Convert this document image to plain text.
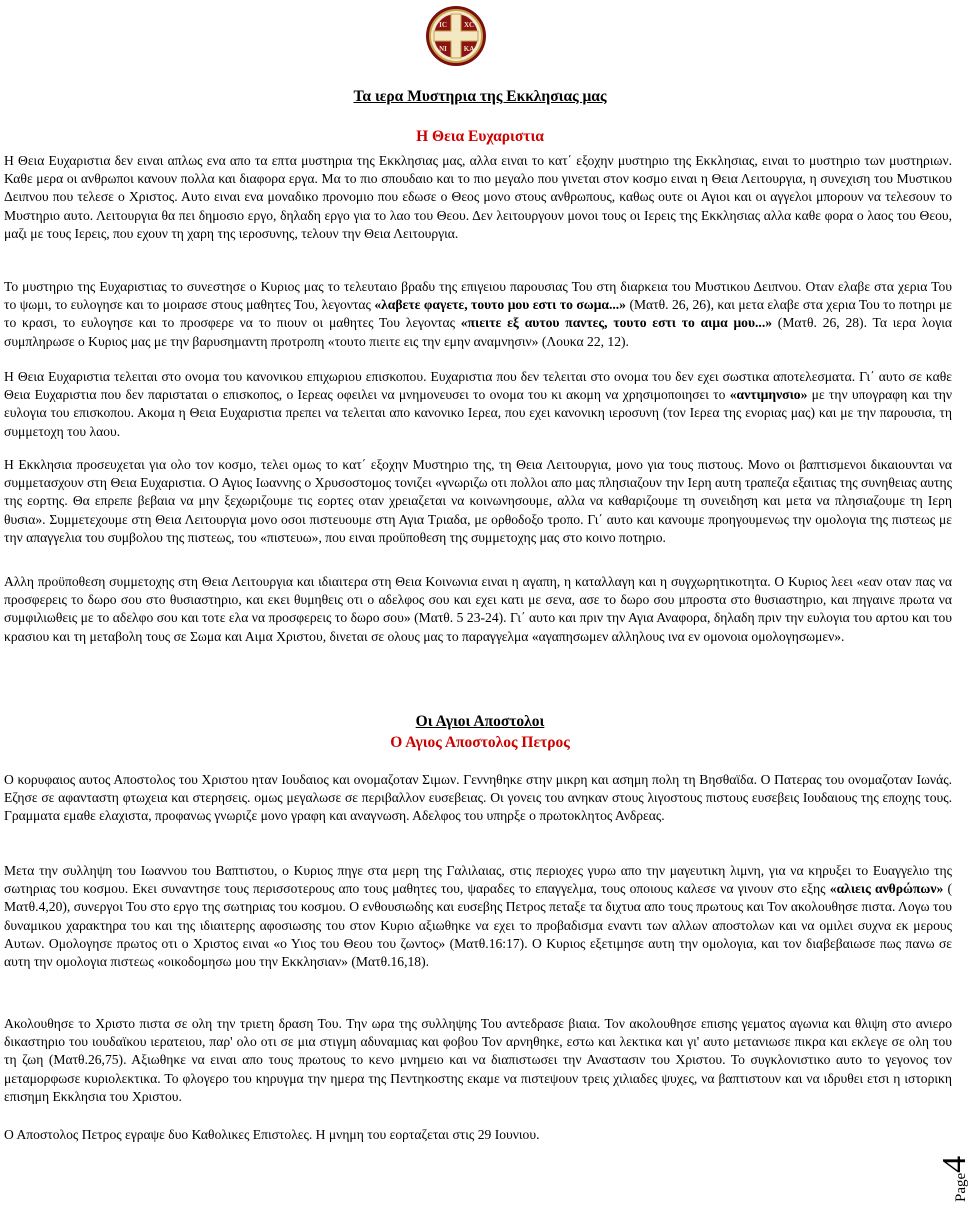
IC XC
NI KA
Τα ιερα Μυστηρια της Εκκλησιας μας
Η Θεια Ευχαριστια

Η Θεια Ευχαριστια δεν ειναι απλως ενα απο τα επτα μυστηρια της Εκκλησιας μας, αλλα ειναι το κατ΄ εξοχην μυστηριο της Εκκλησιας, ειναι το μυστηριο των μυστηριων. Καθε μερα οι ανθρωποι κανουν πολλα και διαφορα εργα. Μα το πιο σπουδαιο και το πιο μεγαλο που γινεται στον κοσμο ειναι η Θεια Λειτουργια, η συνεχιση του Μυστικου Δειπνου που τελεσε ο Χριστος. Αυτο ειναι ενα μοναδικο προνομιο που εδωσε ο Θεος μονο στους ανθρωπους, καθως ουτε οι Αγιοι και οι αγγελοι μπορουν να τελεσουν το Μυστηριο αυτο. Λειτουργια θα πει δημοσιο εργο, δηλαδη εργο για το λαο του Θεου. Δεν λειτουργουν μονοι τους οι Ιερεις της Εκκλησιας αλλα καθε φορα ο λαος του Θεου, μαζι με τους Ιερεις, που εχουν τη χαρη της ιεροσυνης, τελουν την Θεια Λειτουργια.

Το μυστηριο της Ευχαριστιας το συνεστησε ο Κυριος μας το τελευταιο βραδυ της επιγειου παρουσιας Του στη διαρκεια του Μυστικου Δειπνου. Οταν ελαβε στα χερια Του το ψωμι, το ευλογησε και το μοιρασε στους μαθητες Του, λεγοντας «λαβετε φαγετε, τουτο μου εστι το σωμα...» (Ματθ. 26, 26), και μετα ελαβε στα χερια Του το ποτηρι με το κρασι, το ευλογησε και το προσφερε να το πιουν οι μαθητες Του λεγοντας «πιειτε εξ αυτου παντες, τουτο εστι το αιμα μου...» (Ματθ. 26, 28). Τα ιερα λογια συμπληρωσε ο Κυριος μας με την βαρυσημαντη προτροπη «τουτο πιειτε εις την εμην αναμνησιν» (Λουκα 22, 12).

Η Θεια Ευχαριστια τελειται στο ονομα του κανονικου επιχωριου επισκοπου. Ευχαριστια που δεν τελειται στο ονομα του δεν εχει σωστικα αποτελεσματα. Γι΄ αυτο σε καθε Θεια Ευχαριστια που δεν παριστaται ο επισκοπος, ο Ιερεας οφειλει να μνημονευσει το ονομα του κι ακομη να χρησιμοποιησει το «αντιμηνσιο» με την υπογραφη και την ευλογια του επισκοπου. Ακομα η Θεια Ευχαριστια πρεπει να τελειται απο κανονικο Ιερεα, που εχει κανονικη ιεροσυνη (τον Ιερεα της ενοριας μας) και με την παρουσια, τη συμμετοχη του λαου.

Η Εκκλησια προσευχεται για ολο τον κοσμο, τελει ομως το κατ΄ εξοχην Μυστηριο της, τη Θεια Λειτουργια, μονο για τους πιστους. Μονο οι βαπτισμενοι δικαιουνται να συμμετασχουν στη Θεια Ευχαριστια. Ο Αγιος Ιωαννης ο Χρυσοστομος τονιζει «γνωριζω οτι πολλοι απο μας πλησιαζουν την Ιερη αυτη τραπεζα εξαιτιας της συνηθειας αυτης της εορτης. Θα επρεπε βεβαια να μην ξεχωριζουμε τις εορτες οταν χρειαζεται να κοινωνησουμε, αλλα να καθαριζουμε τη συνειδηση και μετα να πλησιαζουμε τη Ιερη θυσια». Συμμετεχουμε στη Θεια Λειτουργια μονο οσοι πιστευουμε στη Αγια Τριαδα, με ορθοδοξο τροπο. Γι΄ αυτο και κανουμε προηγουμενως την ομολογια της πιστεως με την απαγγελια του συμβολου της πιστεως, του «πιστευω», που ειναι προϋποθεση της συμμετοχης μας στο κοινο ποτηριο.

Αλλη προϋποθεση συμμετοχης στη Θεια Λειτουργια και ιδιαιτερα στη Θεια Κοινωνια ειναι η αγαπη, η καταλλαγη και η συγχωρητικοτητα. Ο Κυριος λεει «εαν οταν πας να προσφερεις το δωρο σου στο θυσιαστηριο, και εκει θυμηθεις οτι ο αδελφος σου και εχει κατι με σενα, ασε το δωρο σου μπροστα στο θυσιαστηριο, και πηγαινε πρωτα να συμφιλιωθεις με το αδελφο σου και τοτε ελα να προσφερεις το δωρο σου» (Ματθ. 5 23-24). Γι΄ αυτο και πριν την Αγια Αναφορα, δηλαδη πριν την ευλογια του αρτου και του κρασιου και τη μεταβολη τους σε Σωμα και Αιμα Χριστου, δινεται σε ολους μας το παραγγελμα «αγαπησωμεν αλληλους ινα εν ομονοια ομολογησωμεν».

Οι Αγιοι Αποστολοι
Ο Αγιος Αποστολος Πετρος

Ο κορυφαιος αυτος Αποστολος του Χριστου ηταν Ιουδαιος και ονομαζοταν Σιμων. Γεννηθηκε στην μικρη και ασημη πολη τη Βησθαϊδα. Ο Πατερας του ονομαζοταν Ιωνάς. Εζησε σε αφανταστη φτωχεια και στερησεις. ομως μεγαλωσε σε περιβαλλον ευσεβειας. Οι γονεις του ανηκαν στους λιγοστους πιστους ευσεβεις Ιουδαιους της εποχης τους. Γραμματα εμαθε ελαχιστα, προφανως γνωριζε μονο γραφη και αναγνωση. Αδελφος του υπηρξε ο πρωτοκλητος Ανδρεας.

Μετα την συλληψη του Ιωαννου του Βαπτιστου, ο Κυριος πηγε στα μερη της Γαλιλαιας, στις περιοχες γυρω απο την μαγευτικη λιμνη, για να κηρυξει το Ευαγγελιο της σωτηριας του κοσμου. Εκει συναντησε τους περισσοτερους απο τους μαθητες του, ψαραδες το επαγγελμα, τους οποιους καλεσε να γινουν στο εξης «αλιεις ανθρώπων» ( Ματθ.4,20), συνεργοι Του στο εργο της σωτηριας του κοσμου. Ο ενθουσιωδης και ευσεβης Πετρος πεταξε τα διχτυα απο τους πρωτους και Τον ακολουθησε πιστα. Λογω του δυναμικου χαρακτηρα του και της ιδιαιτερης αφοσιωσης του στον Κυριο αξιωθηκε να εχει το προβαδισμα εναντι των αλλων αποστολων και να ομιλει συχνα εκ μερους Αυτων. Ομολογησε πρωτος οτι ο Χριστος ειναι «ο Υιος του Θεου του ζωντος» (Ματθ.16:17). Ο Κυριος εξετιμησε αυτη την ομολογια, και τον διαβεβαιωσε πως πανω σε αυτη την ομολογια πιστεως «οικοδομησω μου την Εκκλησιαν» (Ματθ.16,18).

Ακολουθησε το Χριστο πιστα σε ολη την τριετη δραση Του. Την ωρα της συλληψης Του αντεδρασε βιαια. Τον ακολουθησε επισης γεματος αγωνια και θλιψη στο ανιερο δικαστηριο του ιουδαϊκου ιερατειου, παρ' ολο οτι σε μια στιγμη αδυναμιας και φοβου Τον αρνηθηκε, εστω και λεκτικα και γι' αυτο μετανιωσε πικρα και εκλεγε σε ολη του τη ζωη (Ματθ.26,75). Αξιωθηκε να ειναι απο τους πρωτους το κενο μνημειο και να διαπιστωσει την Αναστασιν του Χριστου. Το συγκλονιστικο αυτο το γεγονος τον μεταμορφωσε κυριολεκτικα. Το φλογερο του κηρυγμα την ημερα της Πεντηκοστης εκαμε να πιστεψουν τρεις χιλιαδες ψυχες, να βαπτιστουν και να ιδρυθει ετσι η ιστορικη επισημη Εκκλησια του Χριστου.

Ο Αποστολος Πετρος εγραψε δυο Καθολικες Επιστολες. Η μνημη του εορταζεται στις 29 Ιουνιου.

Page4
